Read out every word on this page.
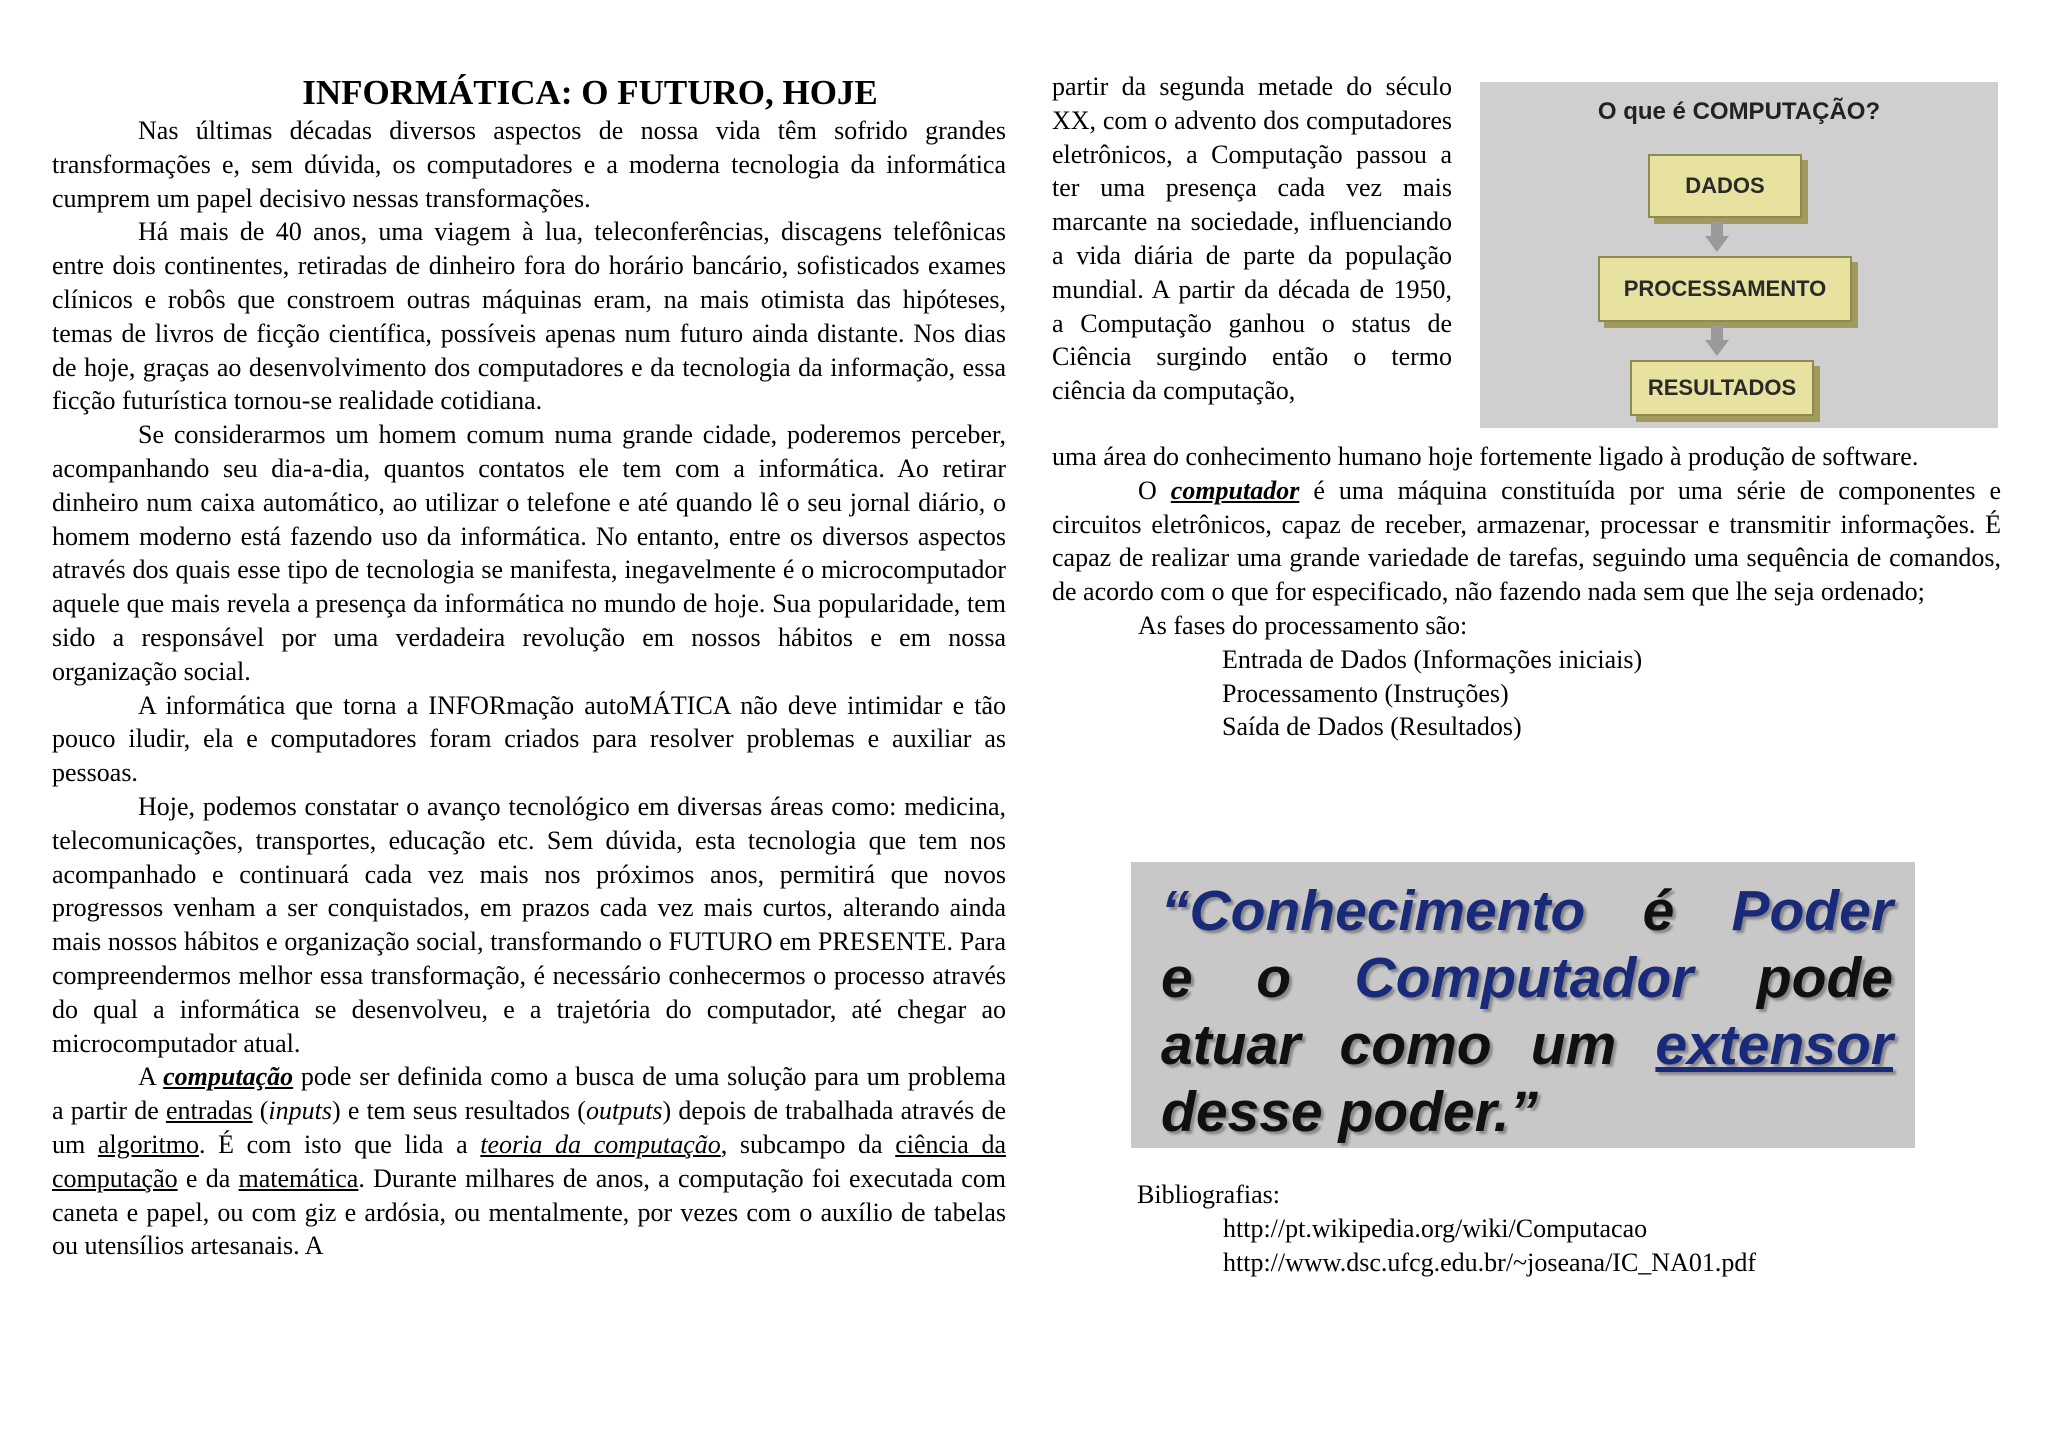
INFORMÁTICA: O FUTURO, HOJE

Nas últimas décadas diversos aspectos de nossa vida têm sofrido grandes transformações e, sem dúvida, os computadores e a moderna tecnologia da informática cumprem um papel decisivo nessas transformações.

Há mais de 40 anos, uma viagem à lua, teleconferências, discagens telefônicas entre dois continentes, retiradas de dinheiro fora do horário bancário, sofisticados exames clínicos e robôs que constroem outras máquinas eram, na mais otimista das hipóteses, temas de livros de ficção científica, possíveis apenas num futuro ainda distante. Nos dias de hoje, graças ao desenvolvimento dos computadores e da tecnologia da informação, essa ficção futurística tornou-se realidade cotidiana.

Se considerarmos um homem comum numa grande cidade, poderemos perceber, acompanhando seu dia-a-dia, quantos contatos ele tem com a informática. Ao retirar dinheiro num caixa automático, ao utilizar o telefone e até quando lê o seu jornal diário, o homem moderno está fazendo uso da informática. No entanto, entre os diversos aspectos através dos quais esse tipo de tecnologia se manifesta, inegavelmente é o microcomputador aquele que mais revela a presença da informática no mundo de hoje. Sua popularidade, tem sido a responsável por uma verdadeira revolução em nossos hábitos e em nossa organização social.

A informática que torna a INFORmação autoMÁTICA não deve intimidar e tão pouco iludir, ela e computadores foram criados para resolver problemas e auxiliar as pessoas.

Hoje, podemos constatar o avanço tecnológico em diversas áreas como: medicina, telecomunicações, transportes, educação etc. Sem dúvida, esta tecnologia que tem nos acompanhado e continuará cada vez mais nos próximos anos, permitirá que novos progressos venham a ser conquistados, em prazos cada vez mais curtos, alterando ainda mais nossos hábitos e organização social, transformando o FUTURO em PRESENTE. Para compreendermos melhor essa transformação, é necessário conhecermos o processo através do qual a informática se desenvolveu, e a trajetória do computador, até chegar ao microcomputador atual.

A computação pode ser definida como a busca de uma solução para um problema a partir de entradas (inputs) e tem seus resultados (outputs) depois de trabalhada através de um algoritmo. É com isto que lida a teoria da computação, subcampo da ciência da computação e da matemática. Durante milhares de anos, a computação foi executada com caneta e papel, ou com giz e ardósia, ou mentalmente, por vezes com o auxílio de tabelas ou utensílios artesanais. A

partir da segunda metade do século XX, com o advento dos computadores eletrônicos, a Computação passou a ter uma presença cada vez mais marcante na sociedade, influenciando a vida diária de parte da população mundial. A partir da década de 1950, a Computação ganhou o status de Ciência surgindo então o termo ciência da computação,

O que é COMPUTAÇÃO?
DADOS
PROCESSAMENTO
RESULTADOS

uma área do conhecimento humano hoje fortemente ligado à produção de software.

O computador é uma máquina constituída por uma série de componentes e circuitos eletrônicos, capaz de receber, armazenar, processar e transmitir informações. É capaz de realizar uma grande variedade de tarefas, seguindo uma sequência de comandos, de acordo com o que for especificado, não fazendo nada sem que lhe seja ordenado;

As fases do processamento são:

Entrada de Dados (Informações iniciais)

Processamento (Instruções)

Saída de Dados (Resultados)

“Conhecimento é Poder
e o Computador pode
atuar como um extensor
desse poder.”

Bibliografias:

http://pt.wikipedia.org/wiki/Computacao

http://www.dsc.ufcg.edu.br/~joseana/IC_NA01.pdf
